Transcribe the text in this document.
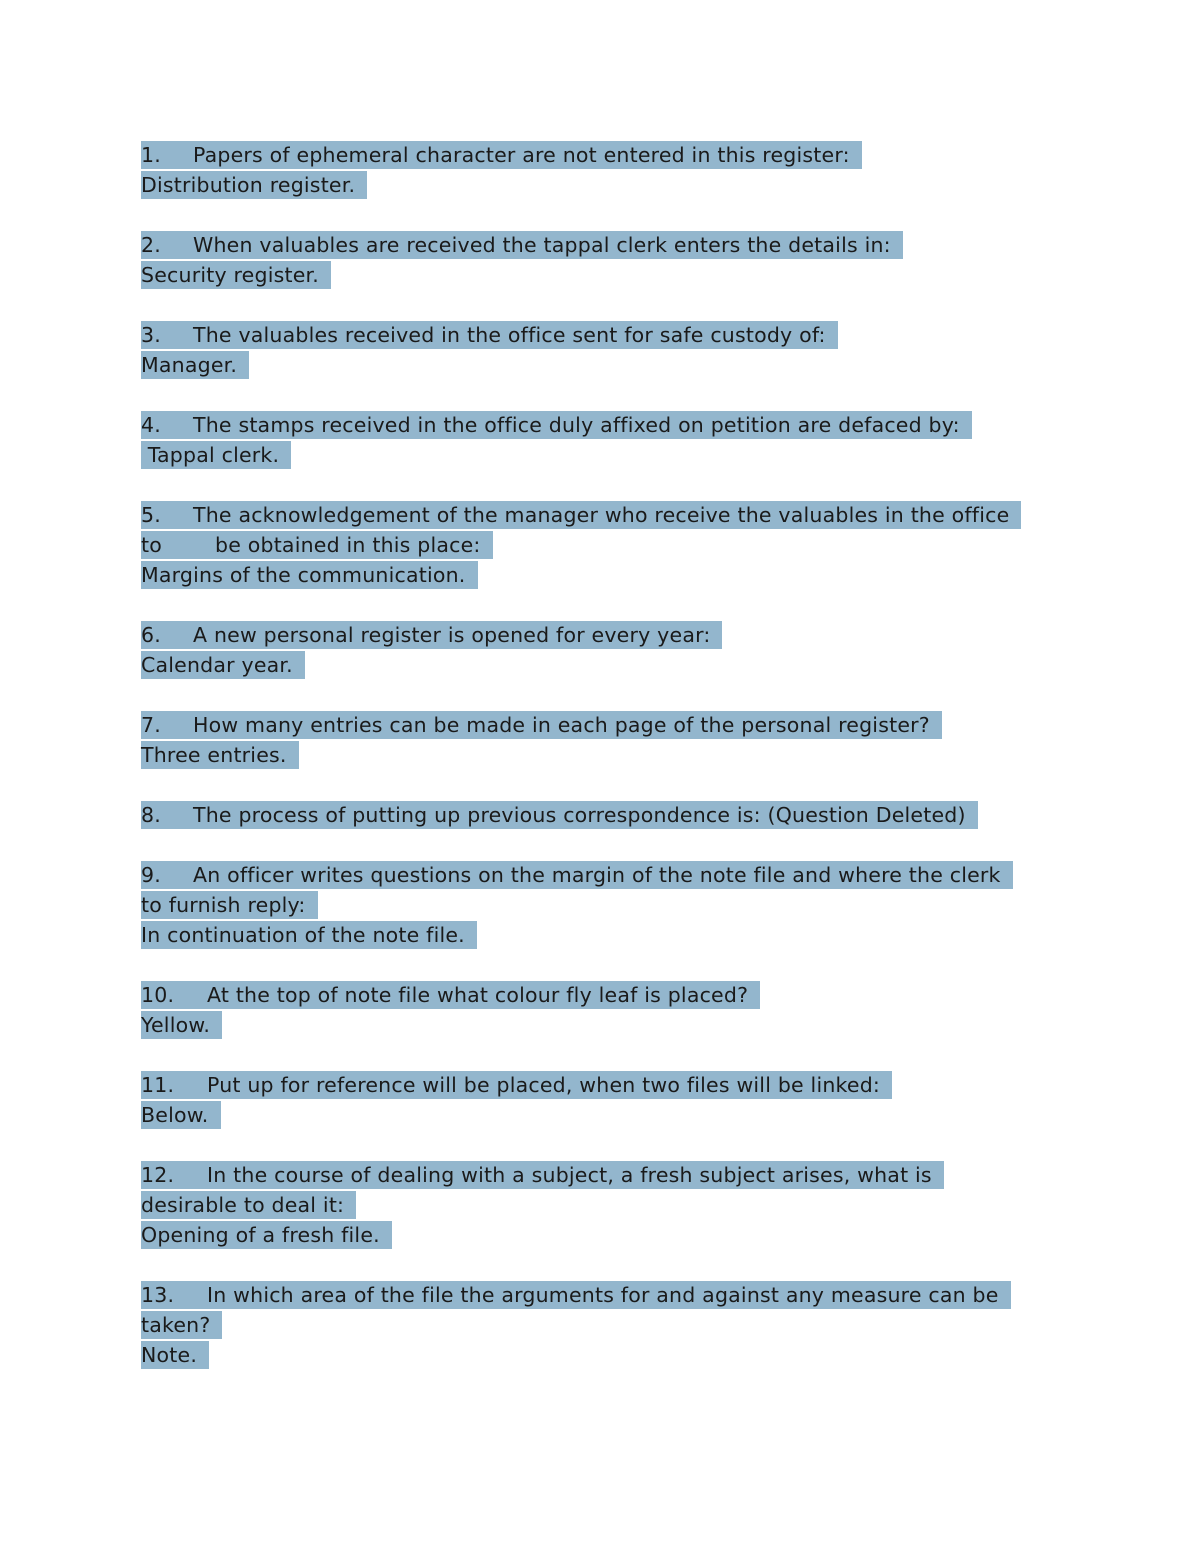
1. Papers of ephemeral character are not entered in this register:
Distribution register.
2. When valuables are received the tappal clerk enters the details in:
Security register.
3. The valuables received in the office sent for safe custody of:
Manager.
4. The stamps received in the office duly affixed on petition are defaced by:
Tappal clerk.
5. The acknowledgement of the manager who receive the valuables in the office
to	be obtained in this place:
Margins of the communication.
6. A new personal register is opened for every year:
Calendar year.
7. How many entries can be made in each page of the personal register?
Three entries.
8. The process of putting up previous correspondence is: (Question Deleted)
9. An officer writes questions on the margin of the note file and where the clerk
to furnish reply:
In continuation of the note file.
10. At the top of note file what colour fly leaf is placed?
Yellow.
11. Put up for reference will be placed, when two files will be linked:
Below.
12. In the course of dealing with a subject, a fresh subject arises, what is
desirable to deal it:
Opening of a fresh file.
13. In which area of the file the arguments for and against any measure can be
taken?
Note.
